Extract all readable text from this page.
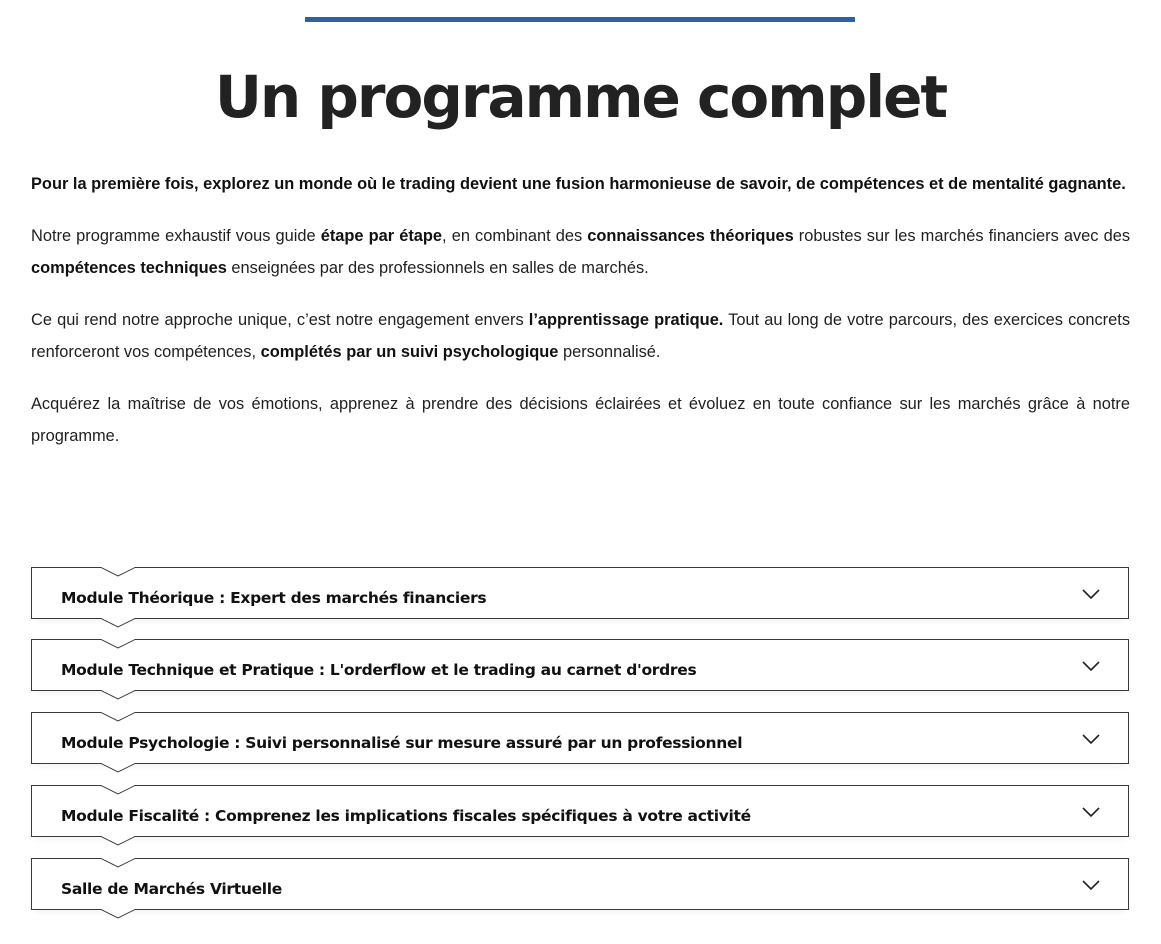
Un programme complet

Pour la première fois, explorez un monde où le trading devient une fusion harmonieuse de savoir, de compétences et de mentalité gagnante.

Notre programme exhaustif vous guide étape par étape, en combinant des connaissances théoriques robustes sur les marchés financiers avec des compétences techniques enseignées par des professionnels en salles de marchés.

Ce qui rend notre approche unique, c’est notre engagement envers l’apprentissage pratique. Tout au long de votre parcours, des exercices concrets renforceront vos compétences, complétés par un suivi psychologique personnalisé.

Acquérez la maîtrise de vos émotions, apprenez à prendre des décisions éclairées et évoluez en toute confiance sur les marchés grâce à notre programme.

Module Théorique : Expert des marchés financiers
Module Technique et Pratique : L'orderflow et le trading au carnet d'ordres
Module Psychologie : Suivi personnalisé sur mesure assuré par un professionnel
Module Fiscalité : Comprenez les implications fiscales spécifiques à votre activité
Salle de Marchés Virtuelle
